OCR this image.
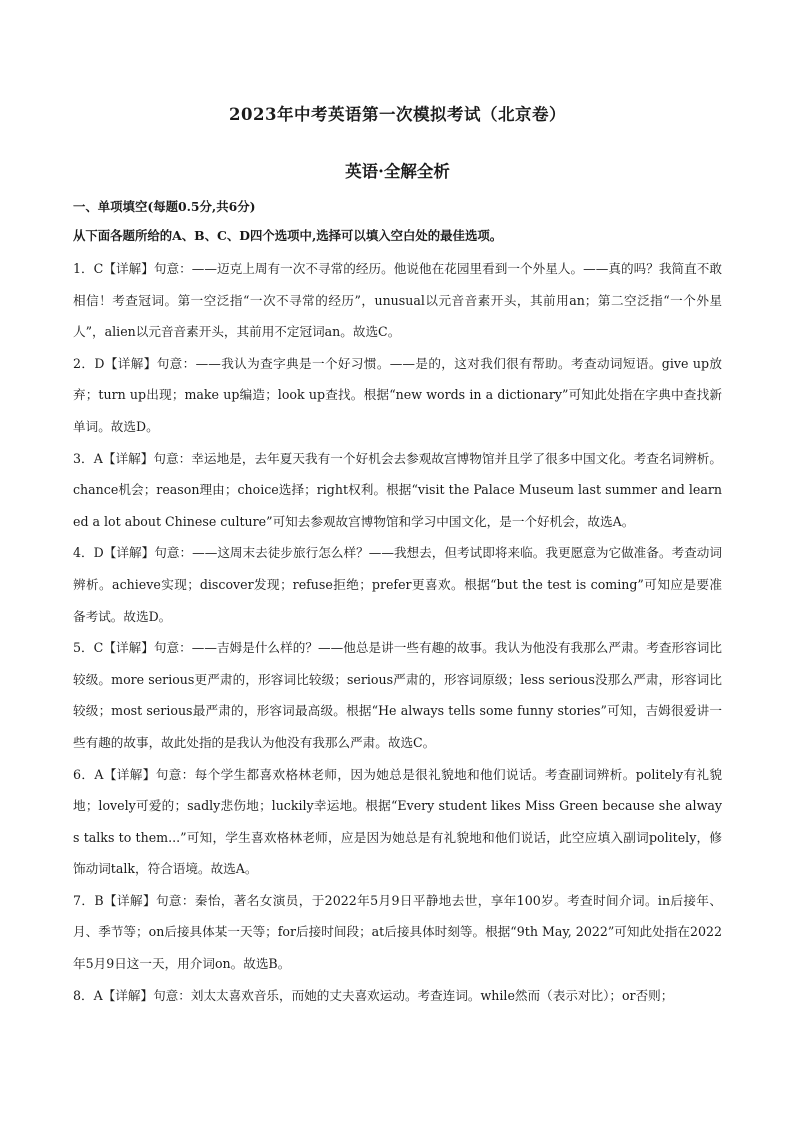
2023年中考英语第一次模拟考试（北京卷）
英语·全解全析
一、单项填空(每题0.5分,共6分)
从下面各题所给的A、B、C、D四个选项中,选择可以填入空白处的最佳选项。

1．C【详解】句意：——迈克上周有一次不寻常的经历。他说他在花园里看到一个外星人。——真的吗？我简直不敢相信！考查冠词。第一空泛指“一次不寻常的经历”，unusual以元音音素开头，其前用an；第二空泛指“一个外星人”，alien以元音音素开头，其前用不定冠词an。故选C。

2．D【详解】句意：——我认为查字典是一个好习惯。——是的，这对我们很有帮助。考查动词短语。give up放弃；turn up出现；make up编造；look up查找。根据“new words in a dictionary”可知此处指在字典中查找新单词。故选D。

3．A【详解】句意：幸运地是，去年夏天我有一个好机会去参观故宫博物馆并且学了很多中国文化。考查名词辨析。chance机会；reason理由；choice选择；right权利。根据“visit the Palace Museum last summer and learned a lot about Chinese culture”可知去参观故宫博物馆和学习中国文化，是一个好机会，故选A。

4．D【详解】句意：——这周末去徒步旅行怎么样？——我想去，但考试即将来临。我更愿意为它做准备。考查动词辨析。achieve实现；discover发现；refuse拒绝；prefer更喜欢。根据“but the test is coming”可知应是要准备考试。故选D。

5．C【详解】句意：——吉姆是什么样的？——他总是讲一些有趣的故事。我认为他没有我那么严肃。考查形容词比较级。more serious更严肃的，形容词比较级；serious严肃的，形容词原级；less serious没那么严肃，形容词比较级；most serious最严肃的，形容词最高级。根据“He always tells some funny stories”可知，吉姆很爱讲一些有趣的故事，故此处指的是我认为他没有我那么严肃。故选C。

6．A【详解】句意：每个学生都喜欢格林老师，因为她总是很礼貌地和他们说话。考查副词辨析。politely有礼貌地；lovely可爱的；sadly悲伤地；luckily幸运地。根据“Every student likes Miss Green because she always talks to them...”可知，学生喜欢格林老师，应是因为她总是有礼貌地和他们说话，此空应填入副词politely，修饰动词talk，符合语境。故选A。

7．B【详解】句意：秦怡，著名女演员，于2022年5月9日平静地去世，享年100岁。考查时间介词。in后接年、月、季节等；on后接具体某一天等；for后接时间段；at后接具体时刻等。根据“9th May, 2022”可知此处指在2022年5月9日这一天，用介词on。故选B。

8．A【详解】句意：刘太太喜欢音乐，而她的丈夫喜欢运动。考查连词。while然而（表示对比）；or否则；
